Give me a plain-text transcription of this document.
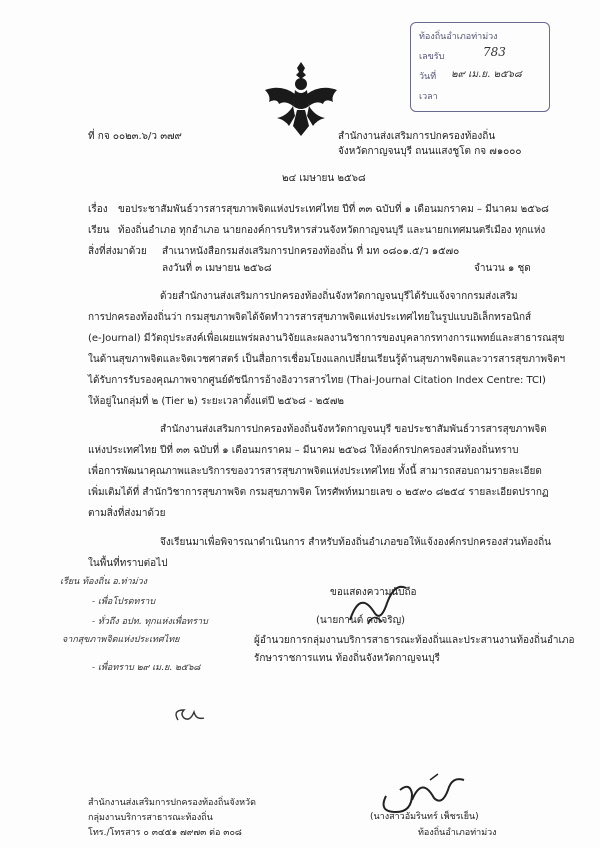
ท้องถิ่นอำเภอท่าม่วง
เลขรับ	783
วันที่ ๒๙ เม.ย. ๒๕๖๘
เวลา
ที่ กจ ๐๐๒๓.๖/ว ๓๗๙	สำนักงานส่งเสริมการปกครองท้องถิ่น
จังหวัดกาญจนบุรี ถนนแสงชูโต กจ ๗๑๐๐๐
๒๔ เมษายน ๒๕๖๘
เรื่อง ขอประชาสัมพันธ์วารสารสุขภาพจิตแห่งประเทศไทย ปีที่ ๓๓ ฉบับที่ ๑ เดือนมกราคม – มีนาคม ๒๕๖๘
เรียน ท้องถิ่นอำเภอ ทุกอำเภอ นายกองค์การบริหารส่วนจังหวัดกาญจนบุรี และนายกเทศมนตรีเมือง ทุกแห่ง
สิ่งที่ส่งมาด้วย สำเนาหนังสือกรมส่งเสริมการปกครองท้องถิ่น ที่ มท ๐๘๐๑.๕/ว ๑๕๗๐
ลงวันที่ ๓ เมษายน ๒๕๖๘	จำนวน ๑ ชุด
ด้วยสำนักงานส่งเสริมการปกครองท้องถิ่นจังหวัดกาญจนบุรีได้รับแจ้งจากกรมส่งเสริม
การปกครองท้องถิ่นว่า กรมสุขภาพจิตได้จัดทำวารสารสุขภาพจิตแห่งประเทศไทยในรูปแบบอิเล็กทรอนิกส์
(e-Journal) มีวัตถุประสงค์เพื่อเผยแพร่ผลงานวิจัยและผลงานวิชาการของบุคลากรทางการแพทย์และสาธารณสุข
ในด้านสุขภาพจิตและจิตเวชศาสตร์ เป็นสื่อการเชื่อมโยงแลกเปลี่ยนเรียนรู้ด้านสุขภาพจิตและวารสารสุขภาพจิตฯ
ได้รับการรับรองคุณภาพจากศูนย์ดัชนีการอ้างอิงวารสารไทย (Thai-Journal Citation Index Centre: TCI)
ให้อยู่ในกลุ่มที่ ๒ (Tier ๒) ระยะเวลาตั้งแต่ปี ๒๕๖๘ - ๒๕๗๒
สำนักงานส่งเสริมการปกครองท้องถิ่นจังหวัดกาญจนบุรี ขอประชาสัมพันธ์วารสารสุขภาพจิต
แห่งประเทศไทย ปีที่ ๓๓ ฉบับที่ ๑ เดือนมกราคม – มีนาคม ๒๕๖๘ ให้องค์กรปกครองส่วนท้องถิ่นทราบ
เพื่อการพัฒนาคุณภาพและบริการของวารสารสุขภาพจิตแห่งประเทศไทย ทั้งนี้ สามารถสอบถามรายละเอียด
เพิ่มเติมได้ที่ สำนักวิชาการสุขภาพจิต กรมสุขภาพจิต โทรศัพท์หมายเลข ๐ ๒๕๙๐ ๘๒๕๔ รายละเอียดปรากฏ
ตามสิ่งที่ส่งมาด้วย
จึงเรียนมาเพื่อพิจารณาดำเนินการ สำหรับท้องถิ่นอำเภอขอให้แจ้งองค์กรปกครองส่วนท้องถิ่น
ในพื้นที่ทราบต่อไป
ขอแสดงความนับถือ
(นายกานต์ คงเจริญ)
ผู้อำนวยการกลุ่มงานบริการสาธารณะท้องถิ่นและประสานงานท้องถิ่นอำเภอ
รักษาราชการแทน ท้องถิ่นจังหวัดกาญจนบุรี
เรียน ท้องถิ่น อ.ท่าม่วง
- เพื่อโปรดทราบ
- ทั่วถึง อปท. ทุกแห่งเพื่อทราบ
จากสุขภาพจิตแห่งประเทศไทย
- เพื่อทราบ ๒๙ เม.ย. ๒๕๖๘
(นางสาวอัมรินทร์ เพ็ชรเย็น)
ท้องถิ่นอำเภอท่าม่วง
สำนักงานส่งเสริมการปกครองท้องถิ่นจังหวัด
กลุ่มงานบริการสาธารณะท้องถิ่น
โทร./โทรสาร ๐ ๓๔๕๑ ๗๙๗๓ ต่อ ๓๐๘
